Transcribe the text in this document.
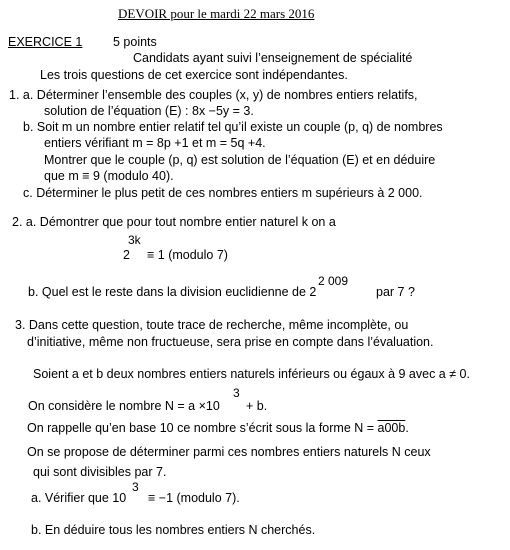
DEVOIR pour le mardi 22 mars 2016
EXERCICE 1 5 points
Candidats ayant suivi l’enseignement de spécialité
Les trois questions de cet exercice sont indépendantes.
1. a. Déterminer l’ensemble des couples (x, y) de nombres entiers relatifs,
solution de l’équation (E) : 8x −5y = 3.
b. Soit m un nombre entier relatif tel qu’il existe un couple (p, q) de nombres
entiers vérifiant m = 8p +1 et m = 5q +4.
Montrer que le couple (p, q) est solution de l’équation (E) et en déduire
que m ≡ 9 (modulo 40).
c. Déterminer le plus petit de ces nombres entiers m supérieurs à 2 000.
2. a. Démontrer que pour tout nombre entier naturel k on a
2
3k
≡ 1 (modulo 7)
b. Quel est le reste dans la division euclidienne de 2
2 009
par 7 ?
3. Dans cette question, toute trace de recherche, même incomplète, ou
d’initiative, même non fructueuse, sera prise en compte dans l’évaluation.
Soient a et b deux nombres entiers naturels inférieurs ou égaux à 9 avec a ≠ 0.
On considère le nombre N = a ×10
3
+ b.
On rappelle qu’en base 10 ce nombre s’écrit sous la forme N = a00b.
On se propose de déterminer parmi ces nombres entiers naturels N ceux
qui sont divisibles par 7.
a. Vérifier que 10
3
≡ −1 (modulo 7).
b. En déduire tous les nombres entiers N cherchés.
